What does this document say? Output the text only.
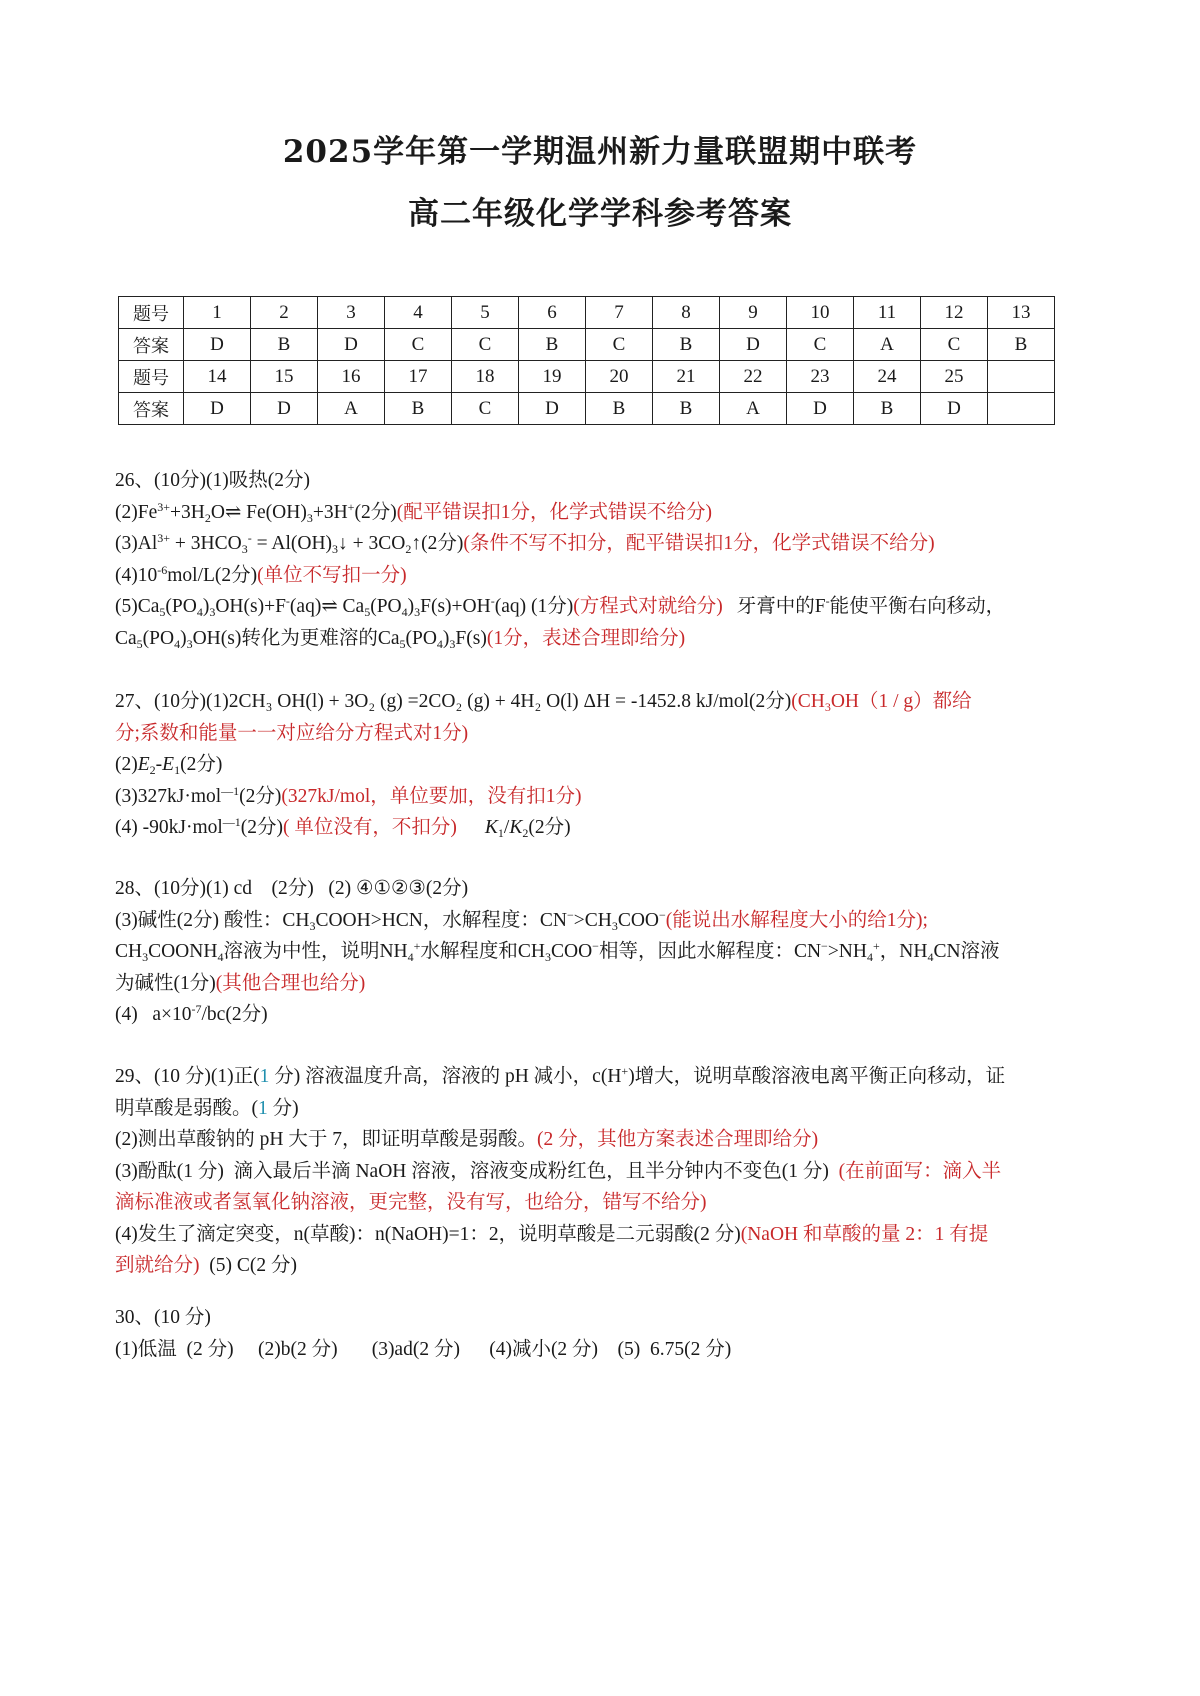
2025学年第一学期温州新力量联盟期中联考
高二年级化学学科参考答案
题号	1	2	3	4	5	6	7	8	9	10	11	12	13
答案	D	B	D	C	C	B	C	B	D	C	A	C	B
题号	14	15	16	17	18	19	20	21	22	23	24	25	
答案	D	D	A	B	C	D	B	B	A	D	B	D	
26、(10分)(1)吸热(2分)
$(2)Fe^{3+}+3H_2O\rightleftharpoons$ $Fe(OH)_3+3H^+(2$分)(配平错误扣1分，化学式错误不给分)
$(3)Al^{3+} + 3HCO_3^-$ = $Al(OH)_3↓$ + $3CO_2↑(2$分)(条件不写不扣分，配平错误扣1分，化学式错误不给分)
$(4)10^{-6}mol/L(2$分)(单位不写扣一分)
$(5)Ca_5(PO_4)_3OH(s)+F^-(aq)\rightleftharpoons$ $Ca_5(PO_4)_3F(s)+OH^-(aq)$ (1分)(方程式对就给分) 牙膏中的F-能使平衡右向移动，
$Ca_5(PO_4)_3OH(s)$转化为更难溶的$Ca_5(PO_4)_3F(s)(1$分，表述合理即给分)
27、(10分)(1)2CH₃ OH(l) + 3O₂ (g) =2CO₂ (g) + 4H₂ O(l) ΔH = -1452.8 kJ/mol(2分)($CH_3OH(1 / g)$都给
分;系数和能量一一对应给分方程式对1分)
$(2)E_2-E_1(2$分)
(3)327kJ·mol$^{—1}$(2分)(327kJ/mol，单位要加，没有扣1分)
(4) -90kJ·mol$^{—1}$(2分)( 单位没有，不扣分) $K_1/K_2(2$分)
28、(10分)(1) cd    (2分)   (2) ④①②③(2分)
(3)碱性(2分) 酸性：$CH_3COOH>HCN$，水解程度：$CN^->CH_3COO^-$(能说出水解程度大小的给1分);
$CH_3COONH_4$溶液为中性，说明$NH_4^+$水解程度和$CH_3COO^-$相等，因此水解程度：$CN^->NH_4^+$，$NH_4CN$溶液
为碱性(1分)(其他合理也给分)
(4)   $a\times 10^{-7}/bc(2$分)
29、(10 分)(1)正(1 分) 溶液温度升高，溶液的 pH 减小，c(H+)增大，说明草酸溶液电离平衡正向移动，证
明草酸是弱酸。(1 分)
(2)测出草酸钠的 pH 大于 7，即证明草酸是弱酸。(2 分，其他方案表述合理即给分)
(3)酚酞(1 分)  滴入最后半滴 NaOH 溶液，溶液变成粉红色，且半分钟内不变色(1 分)  (在前面写：滴入半
滴标准液或者氢氧化钠溶液，更完整，没有写，也给分，错写不给分)
(4)发生了滴定突变，n(草酸)：n(NaOH)=1：2，说明草酸是二元弱酸(2 分)(NaOH 和草酸的量 2：1 有提
到就给分)  (5) C(2 分)
30、(10 分)
(1)低温  (2 分)     (2)b(2 分)       (3)ad(2 分)      (4)减小(2 分)    (5)  6.75(2 分)
